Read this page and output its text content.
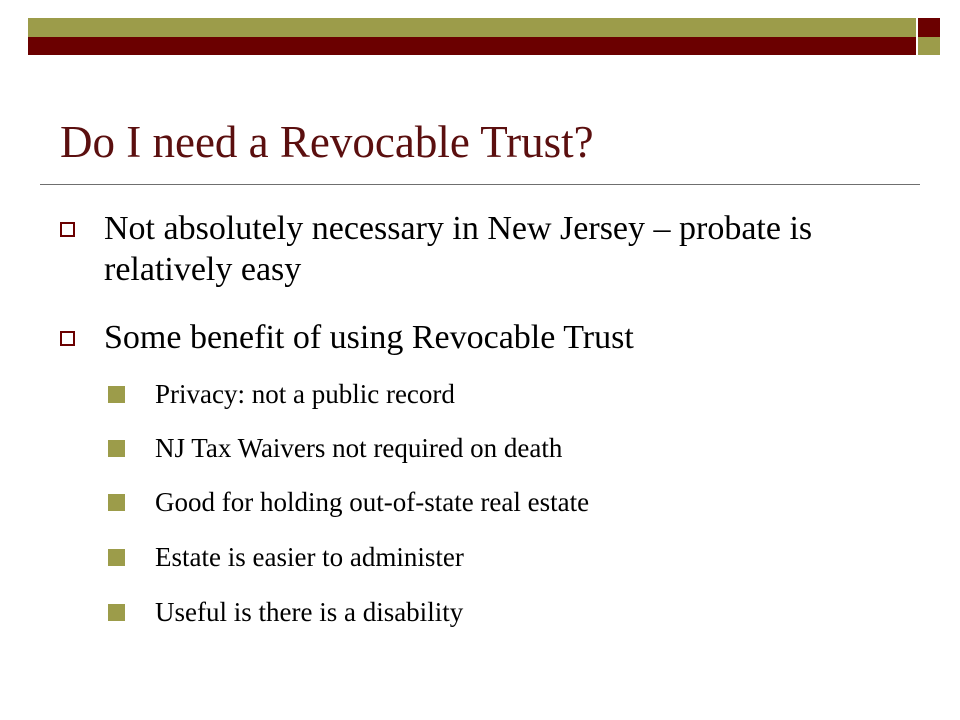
Do I need a Revocable Trust?
Not absolutely necessary in New Jersey – probate is relatively easy
Some benefit of using Revocable Trust
Privacy: not a public record
NJ Tax Waivers not required on death
Good for holding out-of-state real estate
Estate is easier to administer
Useful is there is a disability
